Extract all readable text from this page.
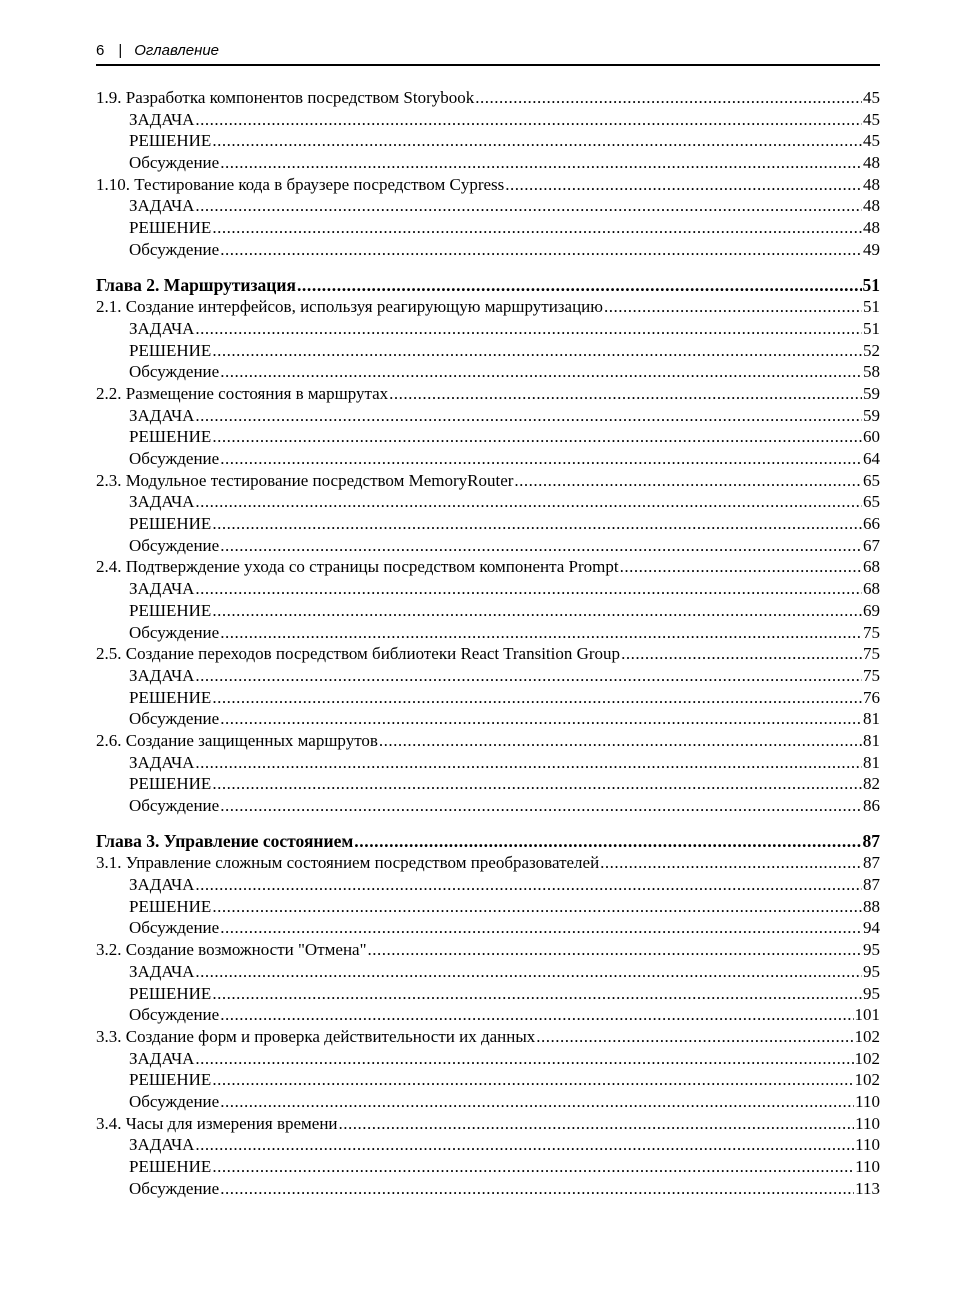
6 | Оглавление
1.9. Разработка компонентов посредством Storybook .....	45
ЗАДАЧА .....	45
РЕШЕНИЕ .....	45
Обсуждение .....	48
1.10. Тестирование кода в браузере посредством Cypress .....	48
ЗАДАЧА .....	48
РЕШЕНИЕ .....	48
Обсуждение .....	49
Глава 2. Маршрутизация .....	51
2.1. Создание интерфейсов, используя реагирующую маршрутизацию .....	51
ЗАДАЧА .....	51
РЕШЕНИЕ .....	52
Обсуждение .....	58
2.2. Размещение состояния в маршрутах .....	59
ЗАДАЧА .....	59
РЕШЕНИЕ .....	60
Обсуждение .....	64
2.3. Модульное тестирование посредством MemoryRouter .....	65
ЗАДАЧА .....	65
РЕШЕНИЕ .....	66
Обсуждение .....	67
2.4. Подтверждение ухода со страницы посредством компонента Prompt .....	68
ЗАДАЧА .....	68
РЕШЕНИЕ .....	69
Обсуждение .....	75
2.5. Создание переходов посредством библиотеки React Transition Group .....	75
ЗАДАЧА .....	75
РЕШЕНИЕ .....	76
Обсуждение .....	81
2.6. Создание защищенных маршрутов .....	81
ЗАДАЧА .....	81
РЕШЕНИЕ .....	82
Обсуждение .....	86
Глава 3. Управление состоянием .....	87
3.1. Управление сложным состоянием посредством преобразователей .....	87
ЗАДАЧА .....	87
РЕШЕНИЕ .....	88
Обсуждение .....	94
3.2. Создание возможности "Отмена" .....	95
ЗАДАЧА .....	95
РЕШЕНИЕ .....	95
Обсуждение .....	101
3.3. Создание форм и проверка действительности их данных .....	102
ЗАДАЧА .....	102
РЕШЕНИЕ .....	102
Обсуждение .....	110
3.4. Часы для измерения времени .....	110
ЗАДАЧА .....	110
РЕШЕНИЕ .....	110
Обсуждение .....	113
